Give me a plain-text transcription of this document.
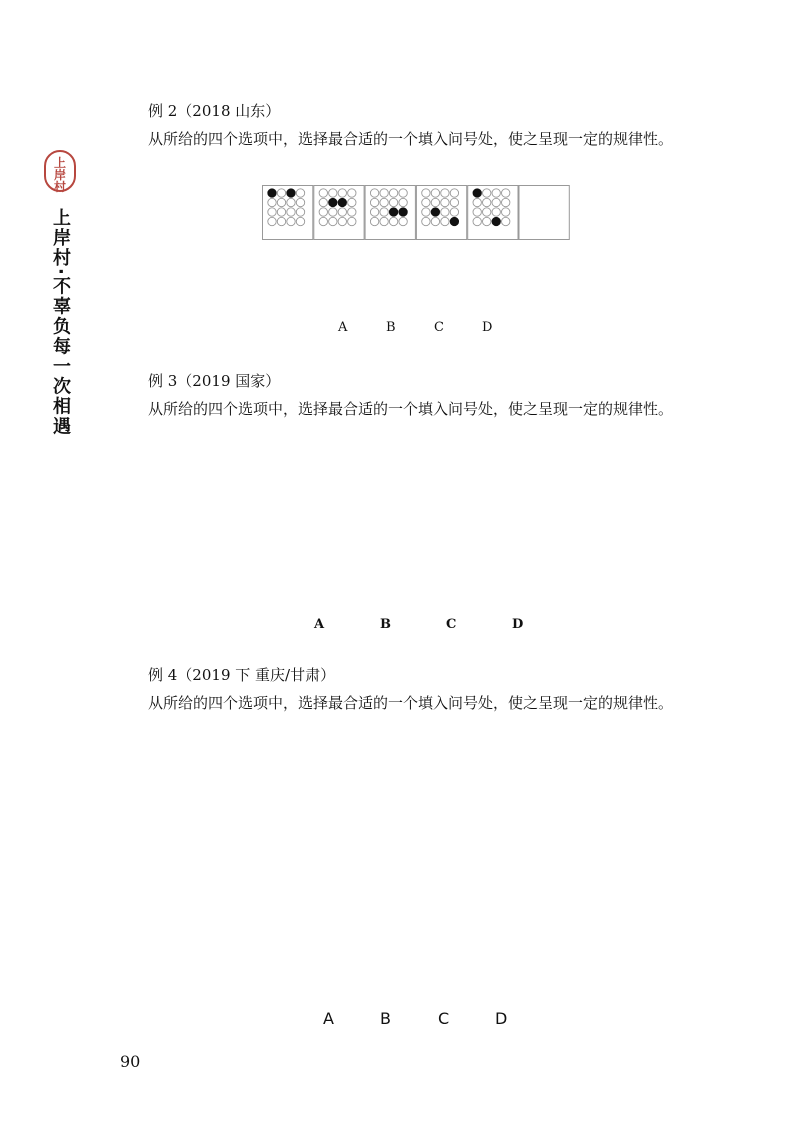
上
岸
村
上岸村·不辜负每一次相遇
例 2（2018 山东）
从所给的四个选项中，选择最合适的一个填入问号处，使之呈现一定的规律性。
A	B	C	D
例 3（2019 国家）
从所给的四个选项中，选择最合适的一个填入问号处，使之呈现一定的规律性。
A	B	C	D
例 4（2019 下 重庆/甘肃）
从所给的四个选项中，选择最合适的一个填入问号处，使之呈现一定的规律性。
A	B	C	D
90
